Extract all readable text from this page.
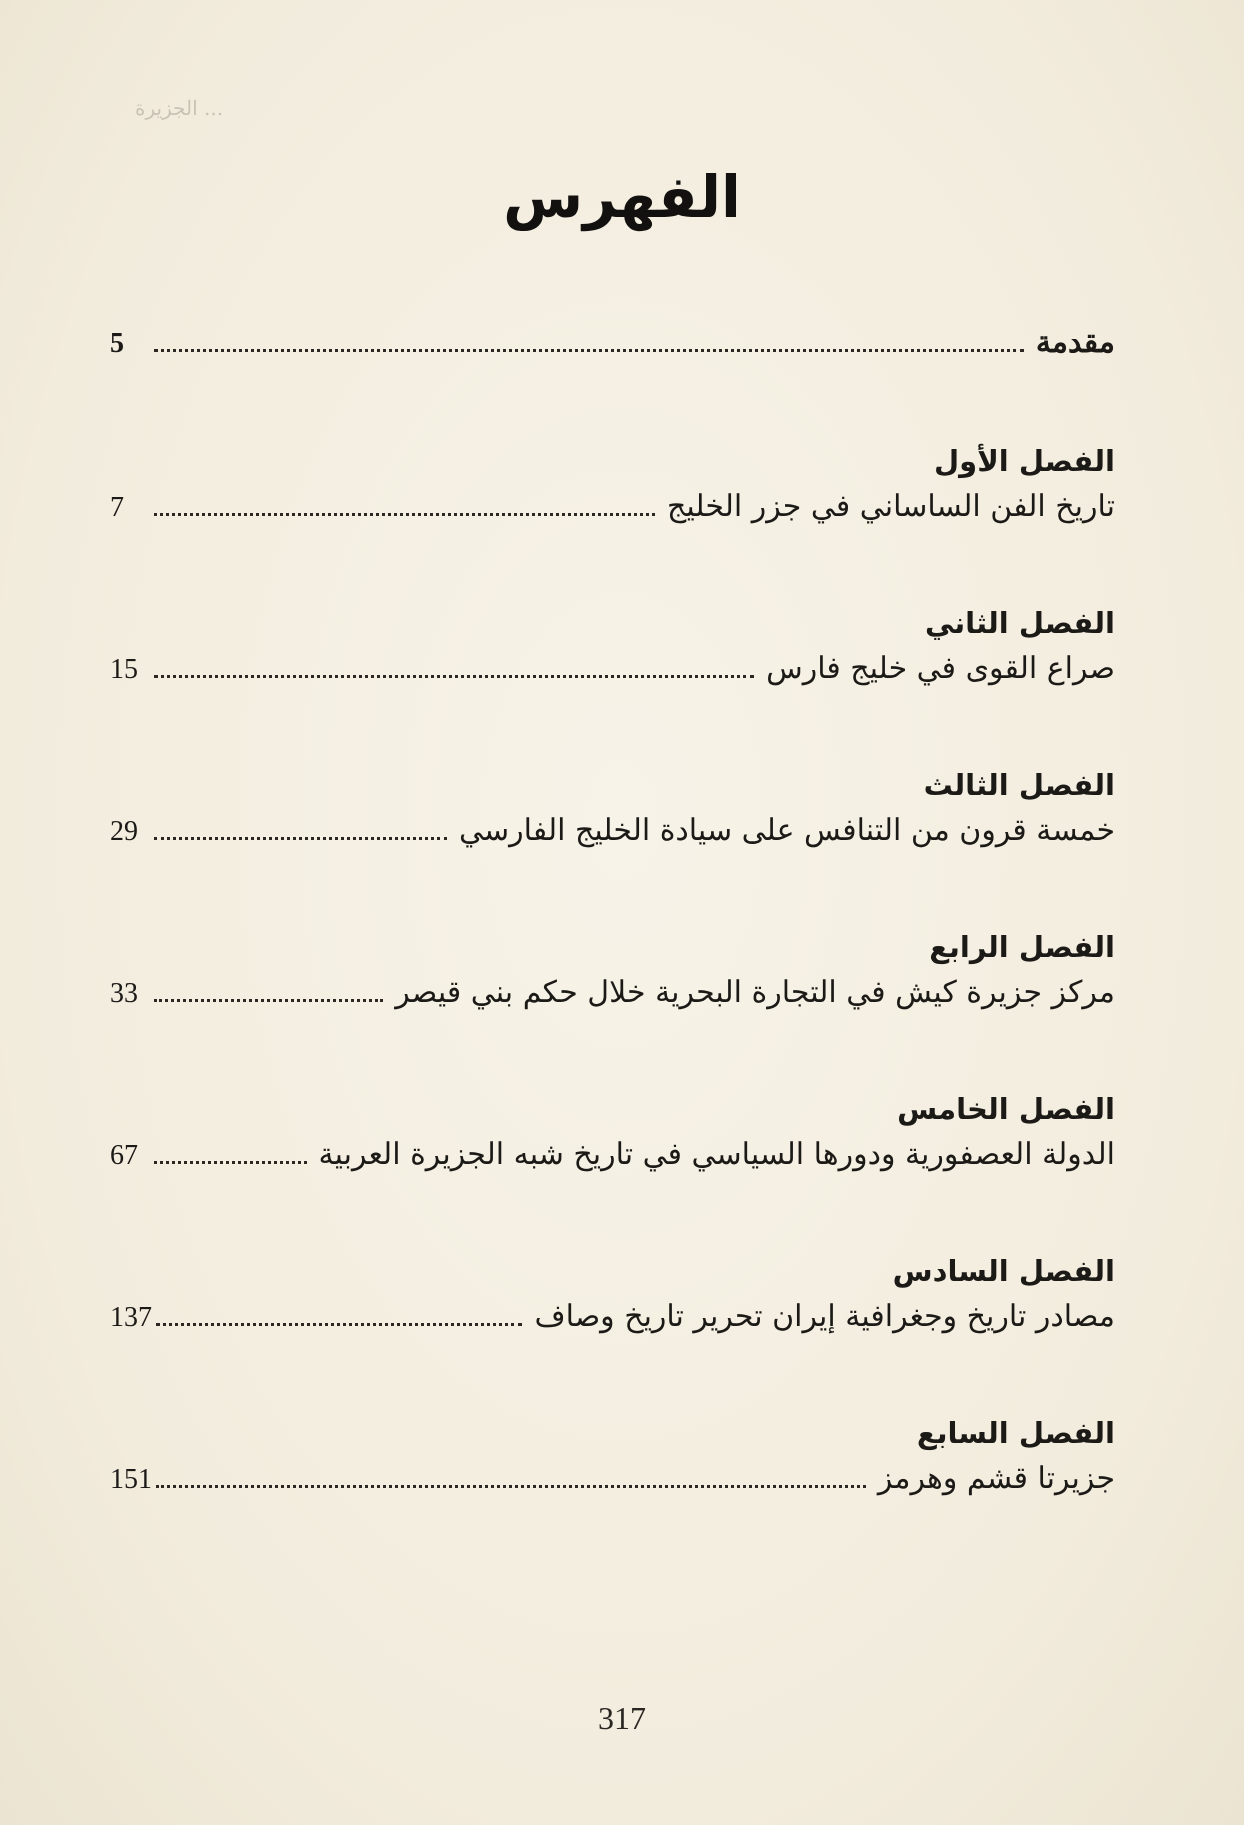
... الجزيرة
الفهرس
مقدمة
5
الفصل الأول
تاريخ الفن الساساني في جزر الخليج
7
الفصل الثاني
صراع القوى في خليج فارس
15
الفصل الثالث
خمسة قرون من التنافس على سيادة الخليج الفارسي
29
الفصل الرابع
مركز جزيرة كيش في التجارة البحرية خلال حكم بني قيصر
33
الفصل الخامس
الدولة العصفورية ودورها السياسي في تاريخ شبه الجزيرة العربية
67
الفصل السادس
مصادر تاريخ وجغرافية إيران تحرير تاريخ وصاف
137
الفصل السابع
جزيرتا قشم وهرمز
151
317
